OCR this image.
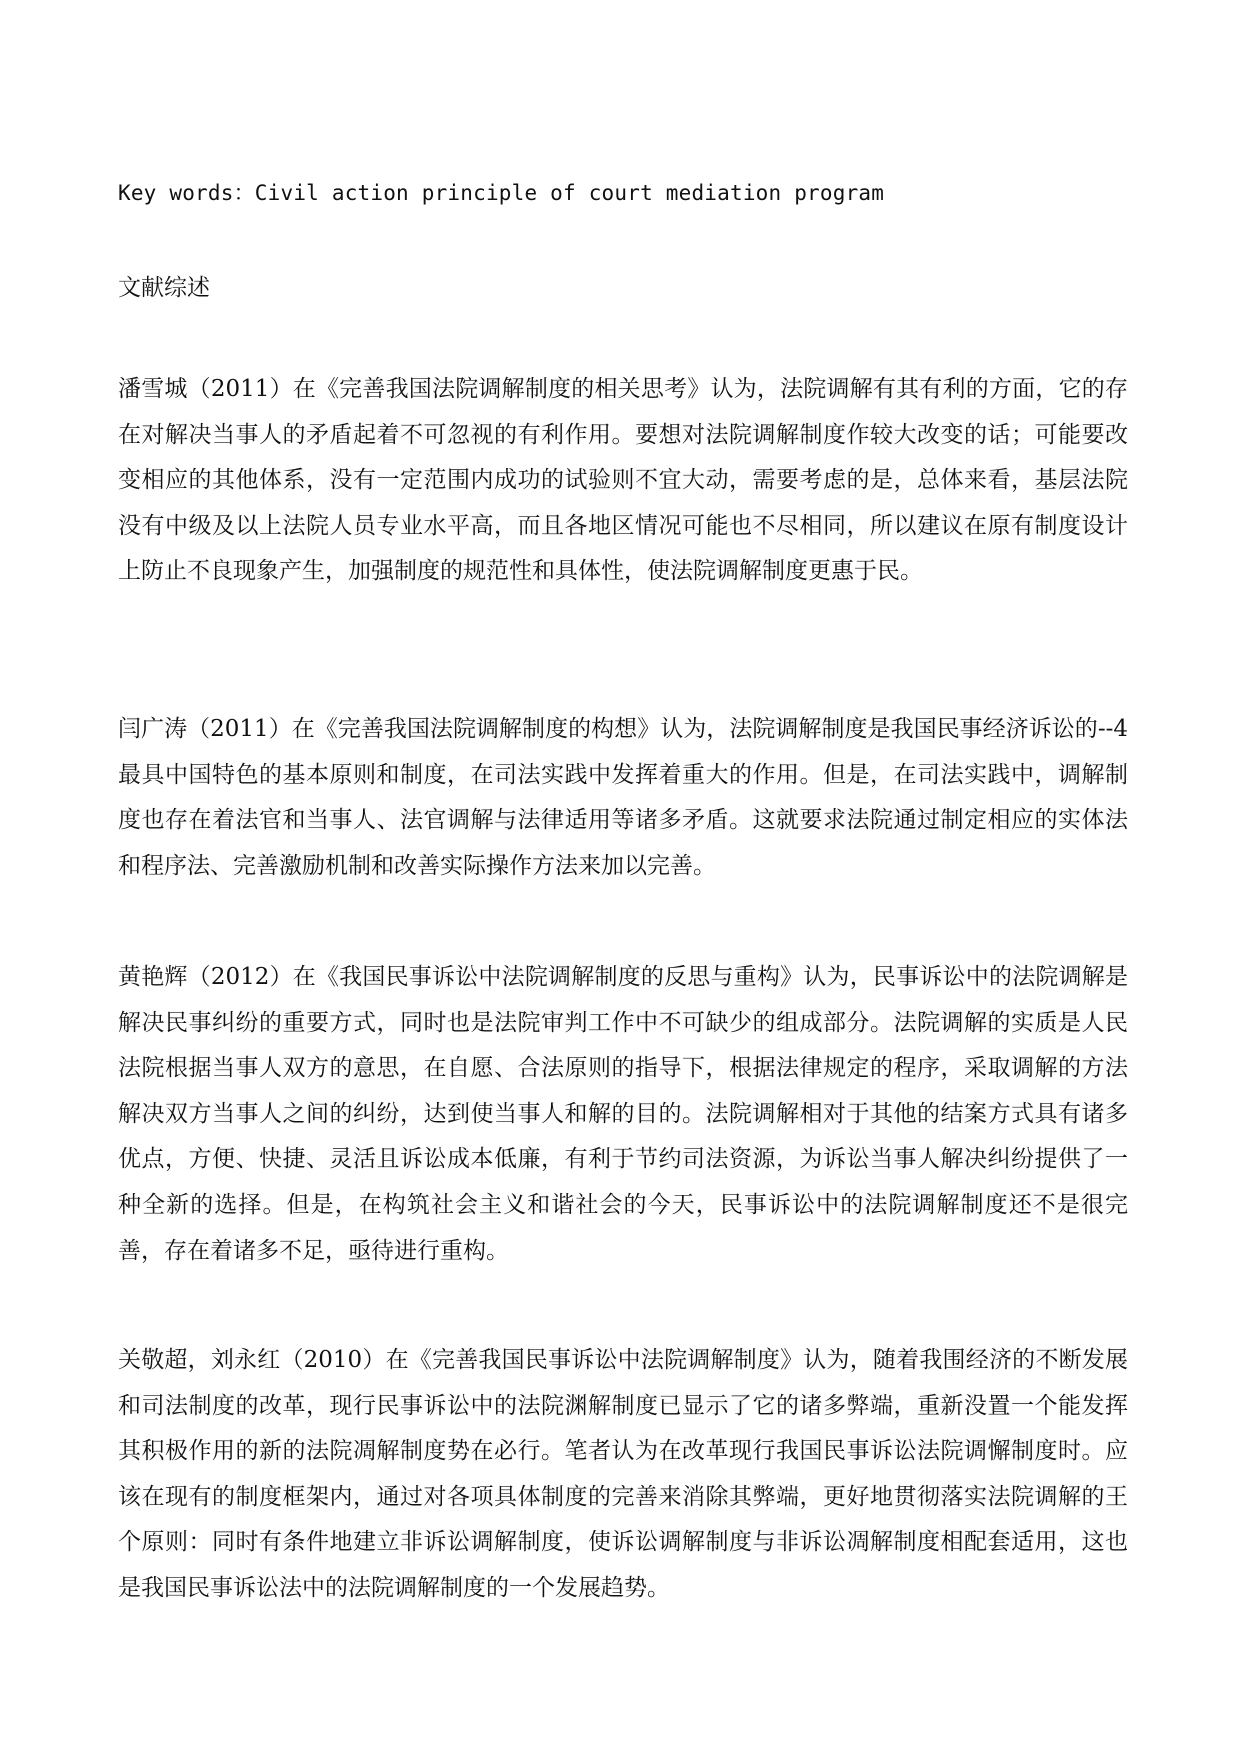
Key words：Civil action principle of court mediation program
文献综述

潘雪城（2011）在《完善我国法院调解制度的相关思考》认为，法院调解有其有利的方面，它的存在对解决当事人的矛盾起着不可忽视的有利作用。要想对法院调解制度作较大改变的话；可能要改变相应的其他体系，没有一定范围内成功的试验则不宜大动，需要考虑的是，总体来看，基层法院没有中级及以上法院人员专业水平高，而且各地区情况可能也不尽相同，所以建议在原有制度设计上防止不良现象产生，加强制度的规范性和具体性，使法院调解制度更惠于民。

闫广涛（2011）在《完善我国法院调解制度的构想》认为，法院调解制度是我国民事经济诉讼的--4 最具中国特色的基本原则和制度，在司法实践中发挥着重大的作用。但是，在司法实践中，调解制度也存在着法官和当事人、法官调解与法律适用等诸多矛盾。这就要求法院通过制定相应的实体法和程序法、完善激励机制和改善实际操作方法来加以完善。

黄艳辉（2012）在《我国民事诉讼中法院调解制度的反思与重构》认为，民事诉讼中的法院调解是解决民事纠纷的重要方式，同时也是法院审判工作中不可缺少的组成部分。法院调解的实质是人民法院根据当事人双方的意思，在自愿、合法原则的指导下，根据法律规定的程序，采取调解的方法解决双方当事人之间的纠纷，达到使当事人和解的目的。法院调解相对于其他的结案方式具有诸多优点，方便、快捷、灵活且诉讼成本低廉，有利于节约司法资源，为诉讼当事人解决纠纷提供了一种全新的选择。但是，在构筑社会主义和谐社会的今天，民事诉讼中的法院调解制度还不是很完善，存在着诸多不足，亟待进行重构。

关敬超，刘永红（2010）在《完善我国民事诉讼中法院调解制度》认为，随着我围经济的不断发展和司法制度的改革，现行民事诉讼中的法院渊解制度已显示了它的诸多弊端，重新没置一个能发挥其积极作用的新的法院凋解制度势在必行。笔者认为在改革现行我国民事诉讼法院调懈制度时。应该在现有的制度框架内，通过对各项具体制度的完善来消除其弊端，更好地贯彻落实法院调解的王个原则：同时有条件地建立非诉讼调解制度，使诉讼调解制度与非诉讼凋解制度相配套适用，这也是我国民事诉讼法中的法院调解制度的一个发展趋势。
